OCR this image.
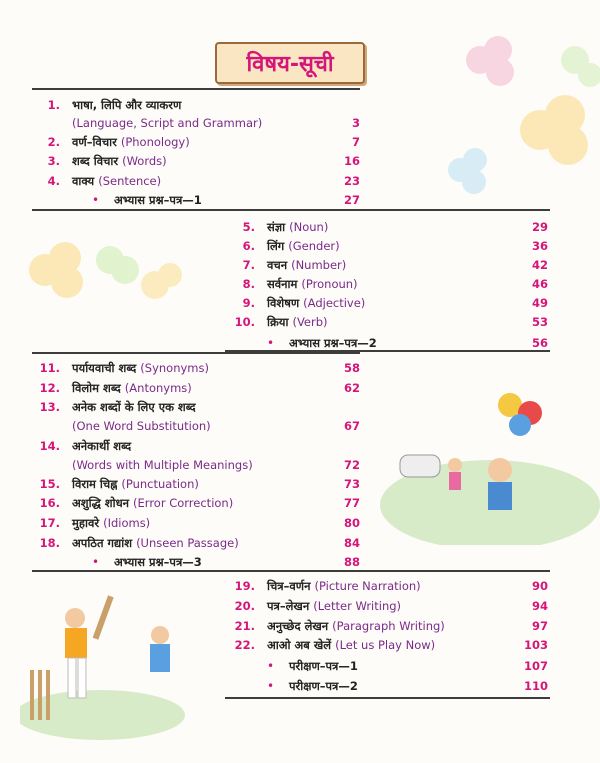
विषय-सूची
1. भाषा, लिपि और व्याकरण
(Language, Script and Grammar)	3
2. वर्ण–विचार (Phonology)	7
3. शब्द विचार (Words)	16
4. वाक्य (Sentence)	23
• अभ्यास प्रश्न–पत्र—1	27
5. संज्ञा (Noun)	29
6. लिंग (Gender)	36
7. वचन (Number)	42
8. सर्वनाम (Pronoun)	46
9. विशेषण (Adjective)	49
10. क्रिया (Verb)	53
• अभ्यास प्रश्न–पत्र—2	56
11. पर्यायवाची शब्द (Synonyms)	58
12. विलोम शब्द (Antonyms)	62
13. अनेक शब्दों के लिए एक शब्द
(One Word Substitution)	67
14. अनेकार्थी शब्द
(Words with Multiple Meanings)	72
15. विराम चिह्न (Punctuation)	73
16. अशुद्धि शोधन (Error Correction)	77
17. मुहावरे (Idioms)	80
18. अपठित गद्यांश (Unseen Passage)	84
• अभ्यास प्रश्न–पत्र—3	88
19. चित्र–वर्णन (Picture Narration)	90
20. पत्र–लेखन (Letter Writing)	94
21. अनुच्छेद लेखन (Paragraph Writing)	97
22. आओ अब खेलें (Let us Play Now)	103
• परीक्षण–पत्र—1	107
• परीक्षण–पत्र—2	110
